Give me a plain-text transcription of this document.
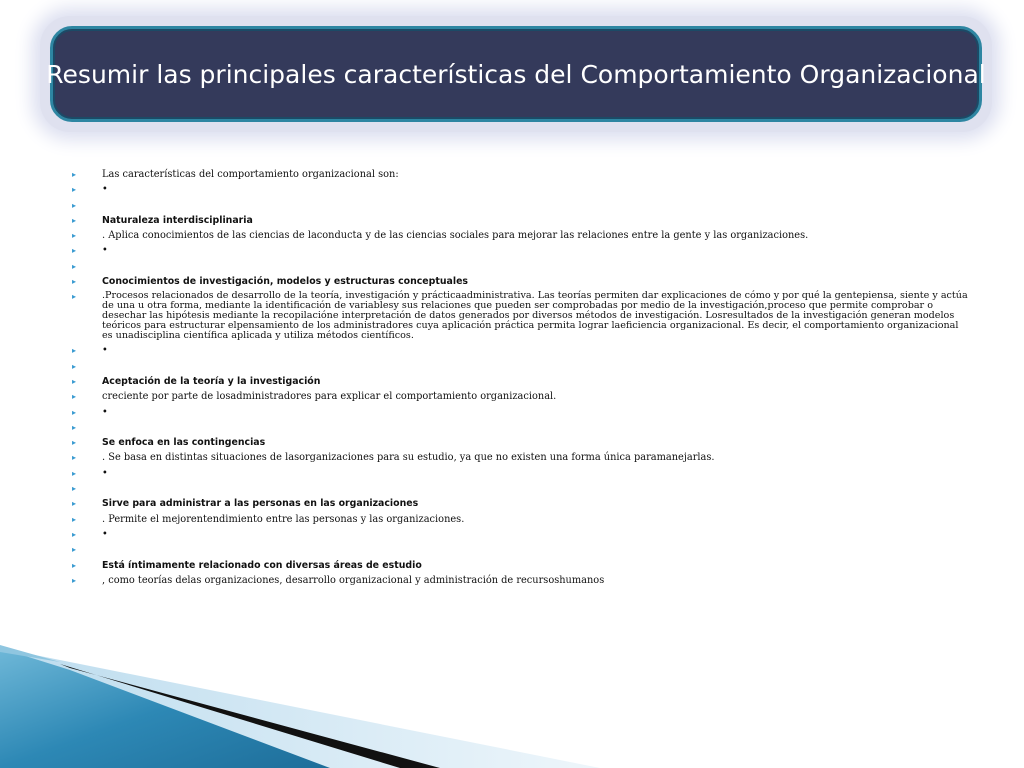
Resumir las principales características del Comportamiento Organizacional
▸	Las características del comportamiento organizacional son:
▸	•
▸
▸	Naturaleza interdisciplinaria
▸	. Aplica conocimientos de las ciencias de laconducta y de las ciencias sociales para mejorar las relaciones entre la gente y las organizaciones.
▸	•
▸
▸	Conocimientos de investigación, modelos y estructuras conceptuales
▸	.Procesos relacionados de desarrollo de la teoría, investigación y prácticaadministrativa. Las teorías permiten dar explicaciones de cómo y por qué la gentepiensa, siente y actúa de una u otra forma, mediante la identificación de variablesy sus relaciones que pueden ser comprobadas por medio de la investigación,proceso que permite comprobar o desechar las hipótesis mediante la recopilacióne interpretación de datos generados por diversos métodos de investigación. Losresultados de la investigación generan modelos teóricos para estructurar elpensamiento de los administradores cuya aplicación práctica permita lograr laeficiencia organizacional. Es decir, el comportamiento organizacional es unadisciplina científica aplicada y utiliza métodos científicos.
▸	•
▸
▸	Aceptación de la teoría y la investigación
▸	creciente por parte de losadministradores para explicar el comportamiento organizacional.
▸	•
▸
▸	Se enfoca en las contingencias
▸	. Se basa en distintas situaciones de lasorganizaciones para su estudio, ya que no existen una forma única paramanejarlas.
▸	•
▸
▸	Sirve para administrar a las personas en las organizaciones
▸	. Permite el mejorentendimiento entre las personas y las organizaciones.
▸	•
▸
▸	Está íntimamente relacionado con diversas áreas de estudio
▸	, como teorías delas organizaciones, desarrollo organizacional y administración de recursoshumanos
